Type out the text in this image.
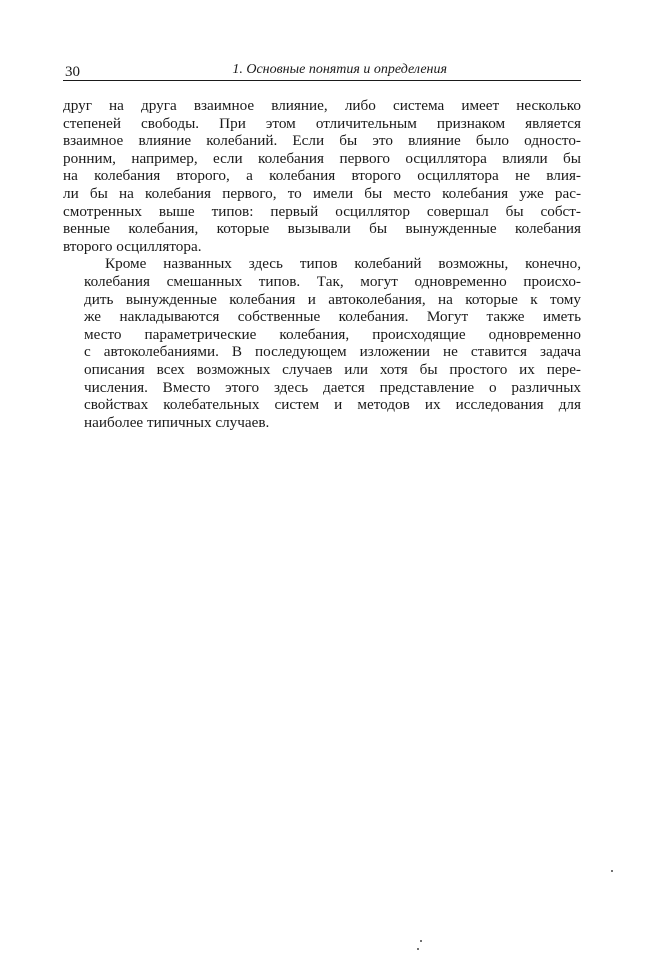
30	1. Основные понятия и определения
друг на друга взаимное влияние, либо система имеет несколько
степеней свободы. При этом отличительным признаком является
взаимное влияние колебаний. Если бы это влияние было односто-
ронним, например, если колебания первого осциллятора влияли бы
на колебания второго, а колебания второго осциллятора не влия-
ли бы на колебания первого, то имели бы место колебания уже рас-
смотренных выше типов: первый осциллятор совершал бы собст-
венные колебания, которые вызывали бы вынужденные колебания
второго осциллятора.
Кроме названных здесь типов колебаний возможны, конечно,
колебания смешанных типов. Так, могут одновременно происхо-
дить вынужденные колебания и автоколебания, на которые к тому
же накладываются собственные колебания. Могут также иметь
место параметрические колебания, происходящие одновременно
с автоколебаниями. В последующем изложении не ставится задача
описания всех возможных случаев или хотя бы простого их пере-
числения. Вместо этого здесь дается представление о различных
свойствах колебательных систем и методов их исследования для
наиболее типичных случаев.
